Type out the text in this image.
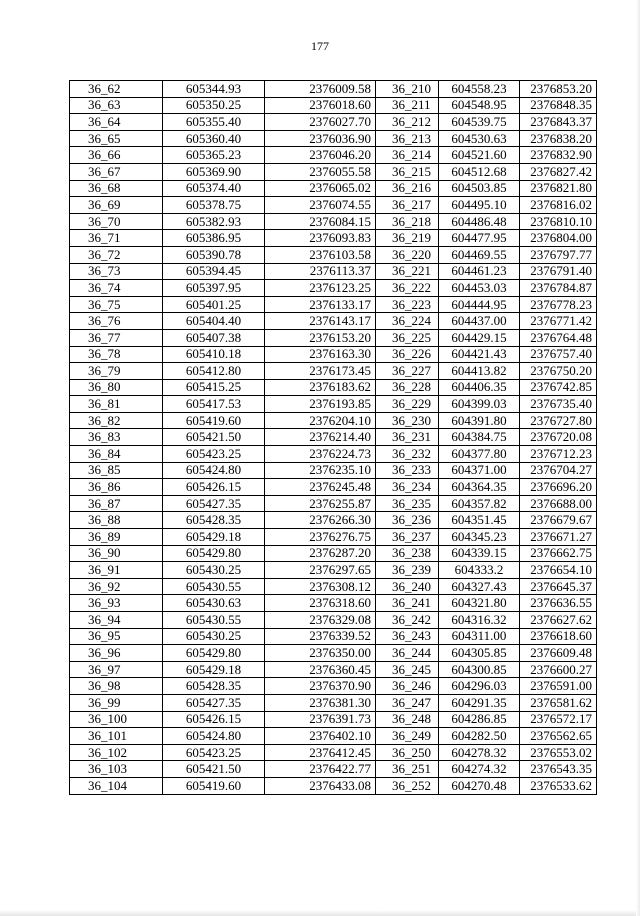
177
36_62	605344.93	2376009.58	36_210	604558.23	2376853.20
36_63	605350.25	2376018.60	36_211	604548.95	2376848.35
36_64	605355.40	2376027.70	36_212	604539.75	2376843.37
36_65	605360.40	2376036.90	36_213	604530.63	2376838.20
36_66	605365.23	2376046.20	36_214	604521.60	2376832.90
36_67	605369.90	2376055.58	36_215	604512.68	2376827.42
36_68	605374.40	2376065.02	36_216	604503.85	2376821.80
36_69	605378.75	2376074.55	36_217	604495.10	2376816.02
36_70	605382.93	2376084.15	36_218	604486.48	2376810.10
36_71	605386.95	2376093.83	36_219	604477.95	2376804.00
36_72	605390.78	2376103.58	36_220	604469.55	2376797.77
36_73	605394.45	2376113.37	36_221	604461.23	2376791.40
36_74	605397.95	2376123.25	36_222	604453.03	2376784.87
36_75	605401.25	2376133.17	36_223	604444.95	2376778.23
36_76	605404.40	2376143.17	36_224	604437.00	2376771.42
36_77	605407.38	2376153.20	36_225	604429.15	2376764.48
36_78	605410.18	2376163.30	36_226	604421.43	2376757.40
36_79	605412.80	2376173.45	36_227	604413.82	2376750.20
36_80	605415.25	2376183.62	36_228	604406.35	2376742.85
36_81	605417.53	2376193.85	36_229	604399.03	2376735.40
36_82	605419.60	2376204.10	36_230	604391.80	2376727.80
36_83	605421.50	2376214.40	36_231	604384.75	2376720.08
36_84	605423.25	2376224.73	36_232	604377.80	2376712.23
36_85	605424.80	2376235.10	36_233	604371.00	2376704.27
36_86	605426.15	2376245.48	36_234	604364.35	2376696.20
36_87	605427.35	2376255.87	36_235	604357.82	2376688.00
36_88	605428.35	2376266.30	36_236	604351.45	2376679.67
36_89	605429.18	2376276.75	36_237	604345.23	2376671.27
36_90	605429.80	2376287.20	36_238	604339.15	2376662.75
36_91	605430.25	2376297.65	36_239	604333.2	2376654.10
36_92	605430.55	2376308.12	36_240	604327.43	2376645.37
36_93	605430.63	2376318.60	36_241	604321.80	2376636.55
36_94	605430.55	2376329.08	36_242	604316.32	2376627.62
36_95	605430.25	2376339.52	36_243	604311.00	2376618.60
36_96	605429.80	2376350.00	36_244	604305.85	2376609.48
36_97	605429.18	2376360.45	36_245	604300.85	2376600.27
36_98	605428.35	2376370.90	36_246	604296.03	2376591.00
36_99	605427.35	2376381.30	36_247	604291.35	2376581.62
36_100	605426.15	2376391.73	36_248	604286.85	2376572.17
36_101	605424.80	2376402.10	36_249	604282.50	2376562.65
36_102	605423.25	2376412.45	36_250	604278.32	2376553.02
36_103	605421.50	2376422.77	36_251	604274.32	2376543.35
36_104	605419.60	2376433.08	36_252	604270.48	2376533.62
